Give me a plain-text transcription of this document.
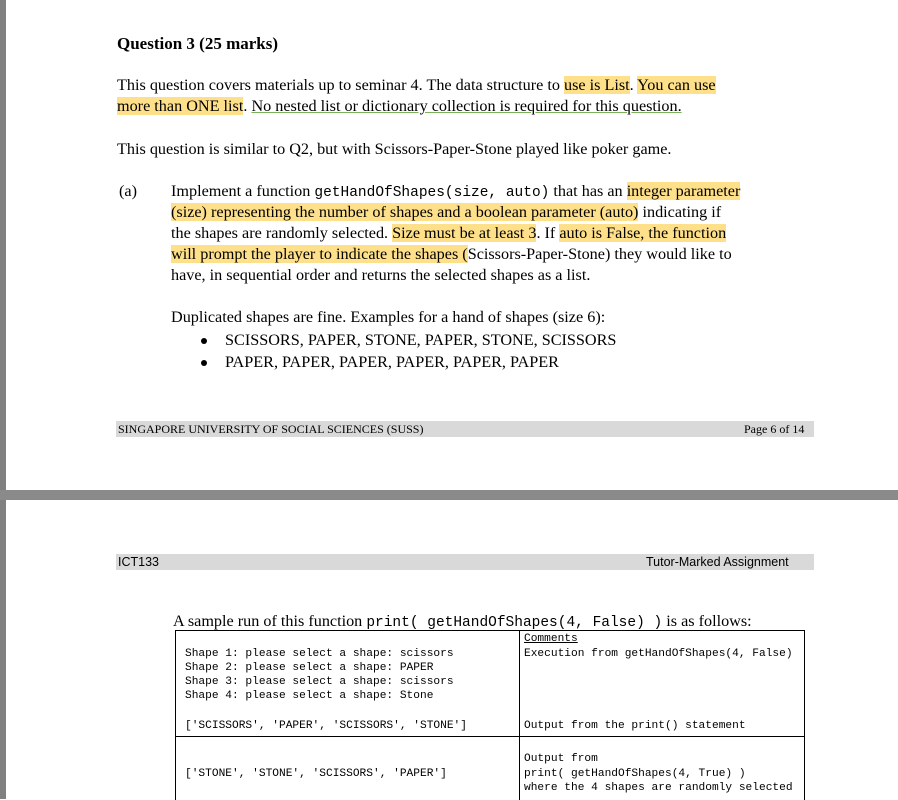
Question 3 (25 marks)
This question covers materials up to seminar 4. The data structure to use is List. You can use
more than ONE list. No nested list or dictionary collection is required for this question.
This question is similar to Q2, but with Scissors-Paper-Stone played like poker game.
(a) Implement a function getHandOfShapes(size, auto) that has an integer parameter
(size) representing the number of shapes and a boolean parameter (auto) indicating if
the shapes are randomly selected. Size must be at least 3. If auto is False, the function
will prompt the player to indicate the shapes (Scissors-Paper-Stone) they would like to
have, in sequential order and returns the selected shapes as a list.
Duplicated shapes are fine. Examples for a hand of shapes (size 6):
SCISSORS, PAPER, STONE, PAPER, STONE, SCISSORS
PAPER, PAPER, PAPER, PAPER, PAPER, PAPER
SINGAPORE UNIVERSITY OF SOCIAL SCIENCES (SUSS)	Page 6 of 14
ICT133	Tutor-Marked Assignment
A sample run of this function print( getHandOfShapes(4, False) ) is as follows:
Shape 1: please select a shape: scissors
Shape 2: please select a shape: PAPER
Shape 3: please select a shape: scissors
Shape 4: please select a shape: Stone
['SCISSORS', 'PAPER', 'SCISSORS', 'STONE']
Comments
Execution from getHandOfShapes(4, False)
Output from the print() statement
['STONE', 'STONE', 'SCISSORS', 'PAPER']
Output from
print( getHandOfShapes(4, True) )
where the 4 shapes are randomly selected
